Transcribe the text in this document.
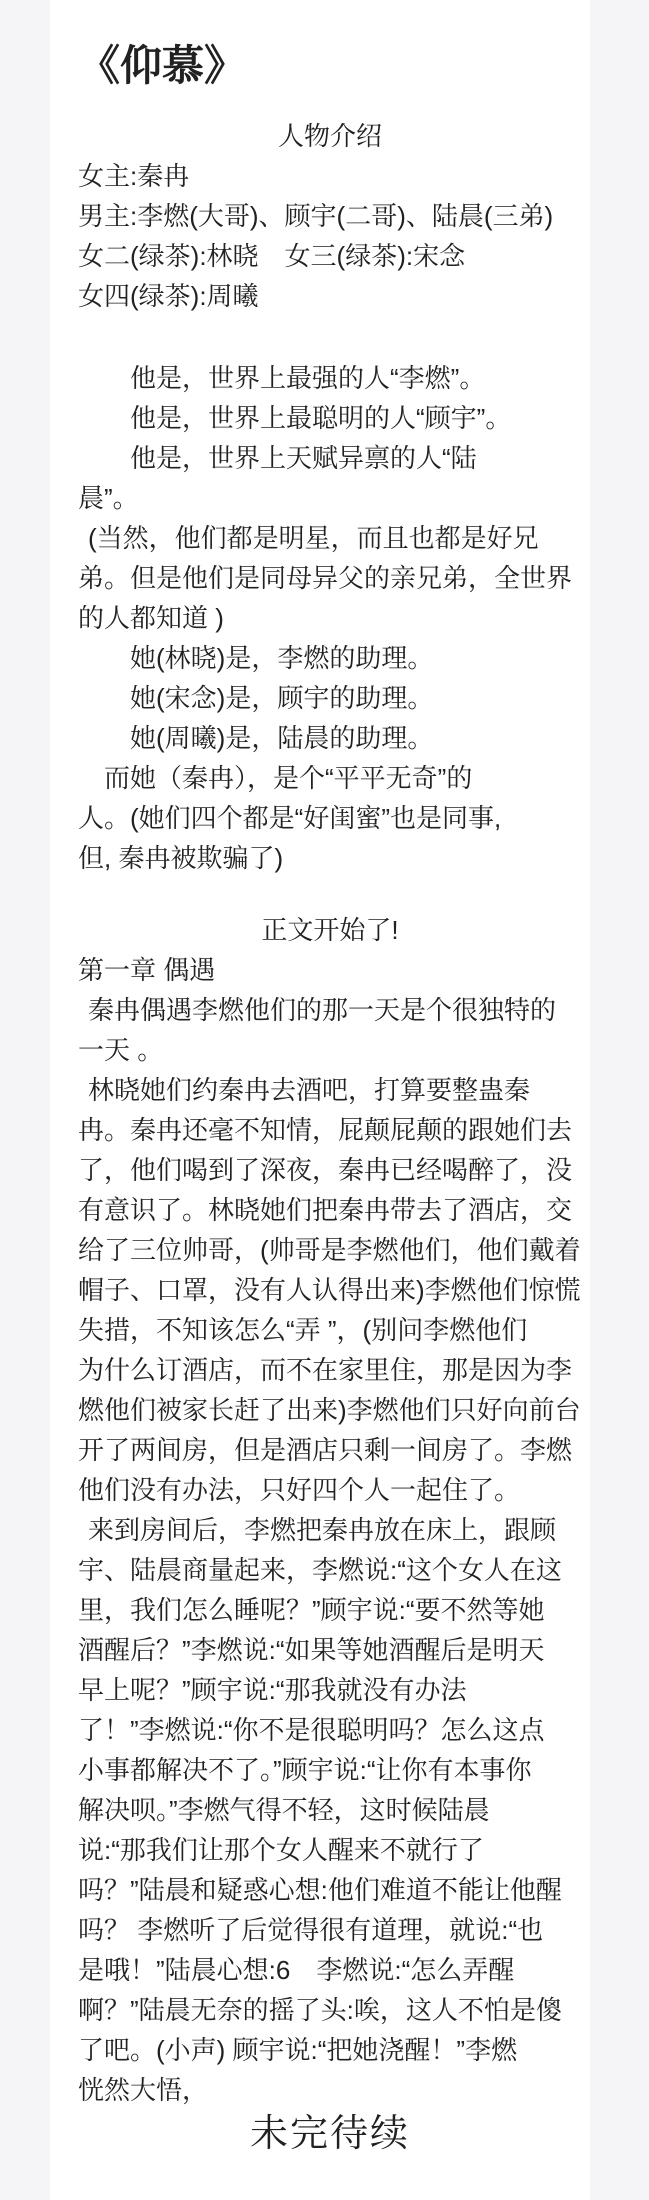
《仰慕》
人物介绍
女主:秦冉
男主:李燃(大哥)、顾宇(二哥)、陆晨(三弟)
女二(绿茶):林晓　女三(绿茶):宋念
女四(绿茶):周曦
他是，世界上最强的人“李燃”。
他是，世界上最聪明的人“顾宇”。
他是，世界上天赋异禀的人“陆
晨”。
(当然，他们都是明星，而且也都是好兄
弟。但是他们是同母异父的亲兄弟，全世界
的人都知道 )
她(林晓)是，李燃的助理。
她(宋念)是，顾宇的助理。
她(周曦)是，陆晨的助理。
而她（秦冉），是个“平平无奇”的
人。(她们四个都是“好闺蜜”也是同事,
但, 秦冉被欺骗了)
正文开始了!
第一章 偶遇
秦冉偶遇李燃他们的那一天是个很独特的
一天 。
林晓她们约秦冉去酒吧，打算要整蛊秦
冉。秦冉还毫不知情，屁颠屁颠的跟她们去
了，他们喝到了深夜，秦冉已经喝醉了，没
有意识了。林晓她们把秦冉带去了酒店，交
给了三位帅哥，(帅哥是李燃他们，他们戴着
帽子、口罩，没有人认得出来)李燃他们惊慌
失措，不知该怎么“弄 ”，(别问李燃他们
为什么订酒店，而不在家里住，那是因为李
燃他们被家长赶了出来)李燃他们只好向前台
开了两间房，但是酒店只剩一间房了。李燃
他们没有办法，只好四个人一起住了。
来到房间后，李燃把秦冉放在床上，跟顾
宇、陆晨商量起来，李燃说:“这个女人在这
里，我们怎么睡呢？”顾宇说:“要不然等她
酒醒后？”李燃说:“如果等她酒醒后是明天
早上呢？”顾宇说:“那我就没有办法
了！”李燃说:“你不是很聪明吗？怎么这点
小事都解决不了。”顾宇说:“让你有本事你
解决呗。”李燃气得不轻，这时候陆晨
说:“那我们让那个女人醒来不就行了
吗？”陆晨和疑惑心想:他们难道不能让他醒
吗？ 李燃听了后觉得很有道理，就说:“也
是哦！”陆晨心想:6　李燃说:“怎么弄醒
啊？”陆晨无奈的摇了头:唉，这人不怕是傻
了吧。(小声) 顾宇说:“把她浇醒！”李燃
恍然大悟，
未完待续
